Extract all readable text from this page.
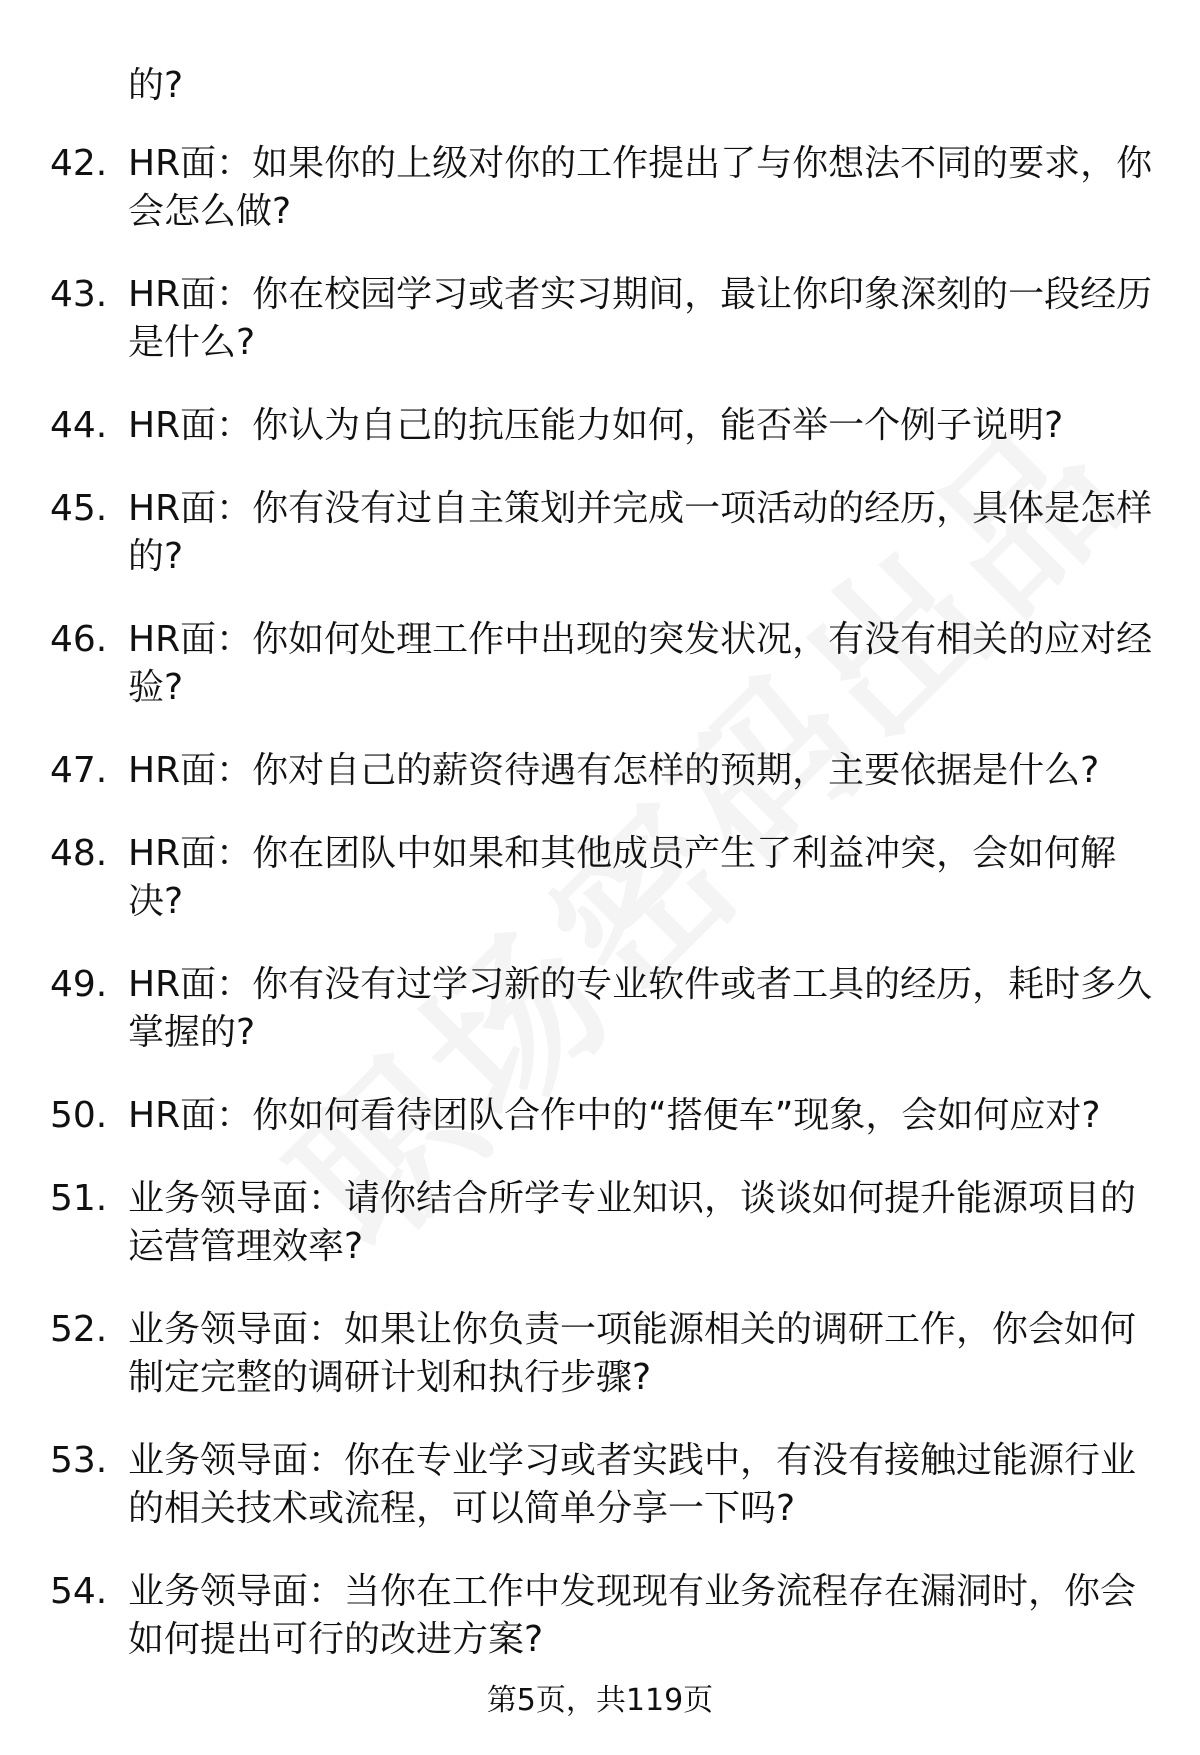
的?
42. HR面：如果你的上级对你的工作提出了与你想法不同的要求，你会怎么做?
43. HR面：你在校园学习或者实习期间，最让你印象深刻的一段经历是什么?
44. HR面：你认为自己的抗压能力如何，能否举一个例子说明?
45. HR面：你有没有过自主策划并完成一项活动的经历，具体是怎样的?
46. HR面：你如何处理工作中出现的突发状况，有没有相关的应对经验?
47. HR面：你对自己的薪资待遇有怎样的预期，主要依据是什么?
48. HR面：你在团队中如果和其他成员产生了利益冲突，会如何解决?
49. HR面：你有没有过学习新的专业软件或者工具的经历，耗时多久掌握的?
50. HR面：你如何看待团队合作中的“搭便车”现象，会如何应对?
51. 业务领导面：请你结合所学专业知识，谈谈如何提升能源项目的运营管理效率?
52. 业务领导面：如果让你负责一项能源相关的调研工作，你会如何制定完整的调研计划和执行步骤?
53. 业务领导面：你在专业学习或者实践中，有没有接触过能源行业的相关技术或流程，可以简单分享一下吗?
54. 业务领导面：当你在工作中发现现有业务流程存在漏洞时，你会如何提出可行的改进方案?
第5页，共119页
